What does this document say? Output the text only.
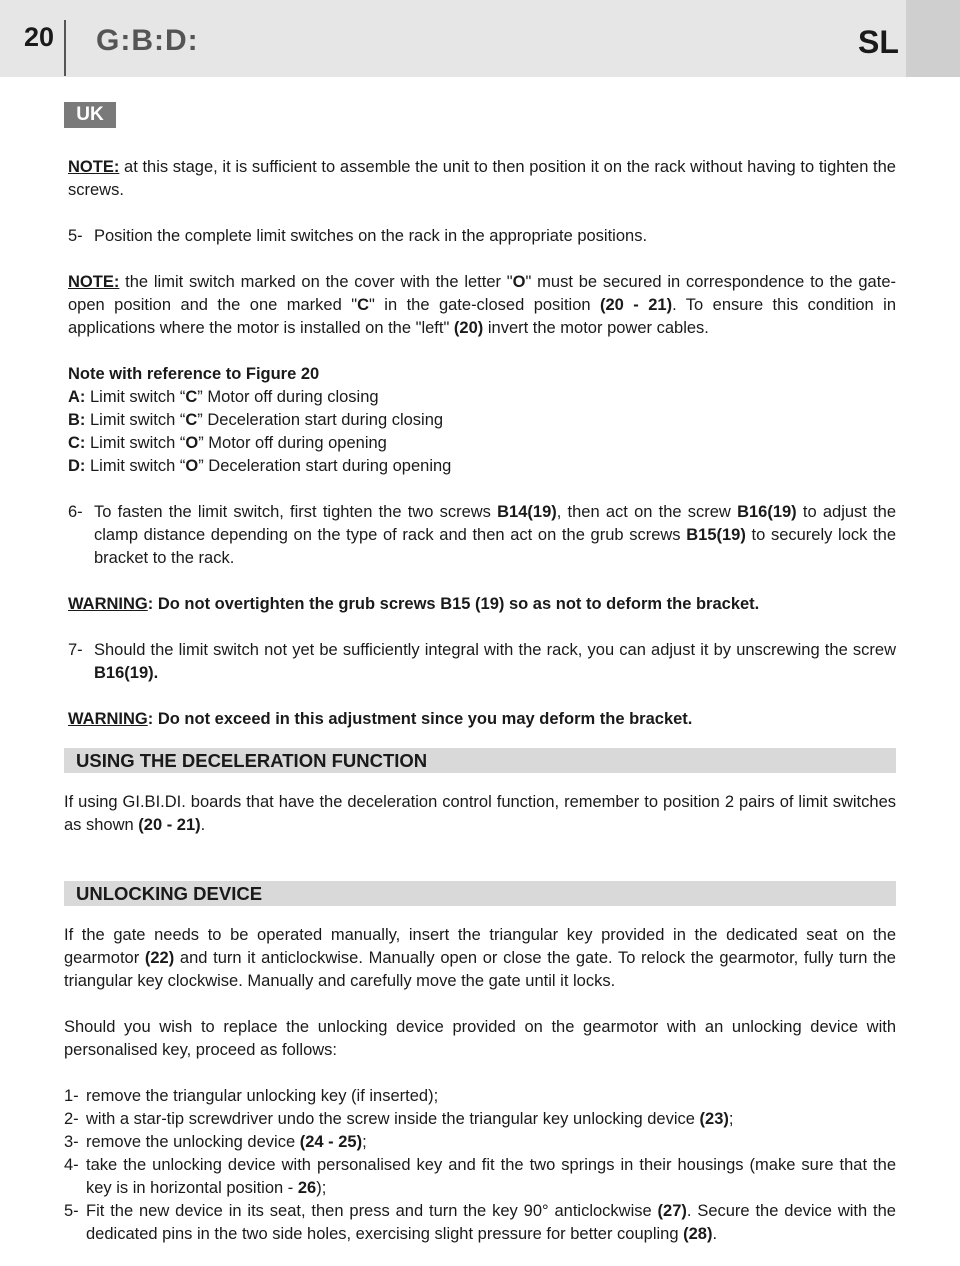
20 G:B:D:	SL
UK

NOTE: at this stage, it is sufficient to assemble the unit to then position it on the rack without having to tighten the screws.

5- Position the complete limit switches on the rack in the appropriate positions.

NOTE: the limit switch marked on the cover with the letter "O" must be secured in correspondence to the gate-open position and the one marked "C" in the gate-closed position (20 - 21). To ensure this condition in applications where the motor is installed on the "left" (20) invert the motor power cables.

Note with reference to Figure 20

A: Limit switch “C” Motor off during closing

B: Limit switch “C” Deceleration start during closing

C: Limit switch “O” Motor off during opening

D: Limit switch “O” Deceleration start during opening

6- To fasten the limit switch, first tighten the two screws B14(19), then act on the screw B16(19) to adjust the clamp distance depending on the type of rack and then act on the grub screws B15(19) to securely lock the bracket to the rack.

WARNING: Do not overtighten the grub screws B15 (19) so as not to deform the bracket.

7- Should the limit switch not yet be sufficiently integral with the rack, you can adjust it by unscrewing the screw B16(19).

WARNING: Do not exceed in this adjustment since you may deform the bracket.

USING THE DECELERATION FUNCTION

If using GI.BI.DI. boards that have the deceleration control function, remember to position 2 pairs of limit switches as shown (20 - 21).

UNLOCKING DEVICE

If the gate needs to be operated manually, insert the triangular key provided in the dedicated seat on the gearmotor (22) and turn it anticlockwise. Manually open or close the gate. To relock the gearmotor, fully turn the triangular key clockwise. Manually and carefully move the gate until it locks.

Should you wish to replace the unlocking device provided on the gearmotor with an unlocking device with personalised key, proceed as follows:

1- remove the triangular unlocking key (if inserted);
2- with a star-tip screwdriver undo the screw inside the triangular key unlocking device (23);
3- remove the unlocking device (24 - 25);
4- take the unlocking device with personalised key and fit the two springs in their housings (make sure that the key is in horizontal position - 26);
5- Fit the new device in its seat, then press and turn the key 90° anticlockwise (27). Secure the device with the dedicated pins in the two side holes, exercising slight pressure for better coupling (28).
